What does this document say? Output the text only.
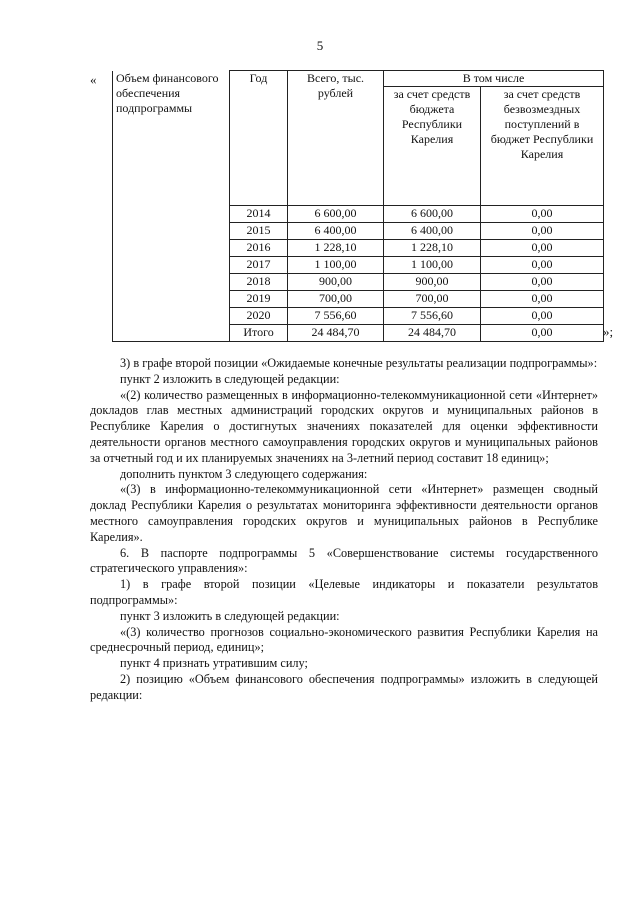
5
« Объем финансового обеспечения подпрограммы	Год	Всего, тыс. рублей	В том числе	
			за счет средств бюджета Республики Карелия	за счет средств безвозмездных поступлений в бюджет Республики Карелия
	2014	6 600,00	6 600,00	0,00
	2015	6 400,00	6 400,00	0,00
	2016	1 228,10	1 228,10	0,00
	2017	1 100,00	1 100,00	0,00
	2018	900,00	900,00	0,00
	2019	700,00	700,00	0,00
	2020	7 556,60	7 556,60	0,00
	Итого	24 484,70	24 484,70	0,00	»;

3) в графе второй позиции «Ожидаемые конечные результаты реализации подпрограммы»:

пункт 2 изложить в следующей редакции:

«(2) количество размещенных в информационно-телекоммуникационной сети «Интернет» докладов глав местных администраций городских округов и муниципальных районов в Республике Карелия о достигнутых значениях показателей для оценки эффективности деятельности органов местного самоуправления городских округов и муниципальных районов за отчетный год и их планируемых значениях на 3-летний период составит 18 единиц»;

дополнить пунктом 3 следующего содержания:

«(3) в информационно-телекоммуникационной сети «Интернет» размещен сводный доклад Республики Карелия о результатах мониторинга эффективности деятельности органов местного самоуправления городских округов и муниципальных районов в Республике Карелия».

6. В паспорте подпрограммы 5 «Совершенствование системы государственного стратегического управления»:

1) в графе второй позиции «Целевые индикаторы и показатели результатов подпрограммы»:

пункт 3 изложить в следующей редакции:

«(3) количество прогнозов социально-экономического развития Республики Карелия на среднесрочный период, единиц»;

пункт 4 признать утратившим силу;

2) позицию «Объем финансового обеспечения подпрограммы» изложить в следующей редакции:
